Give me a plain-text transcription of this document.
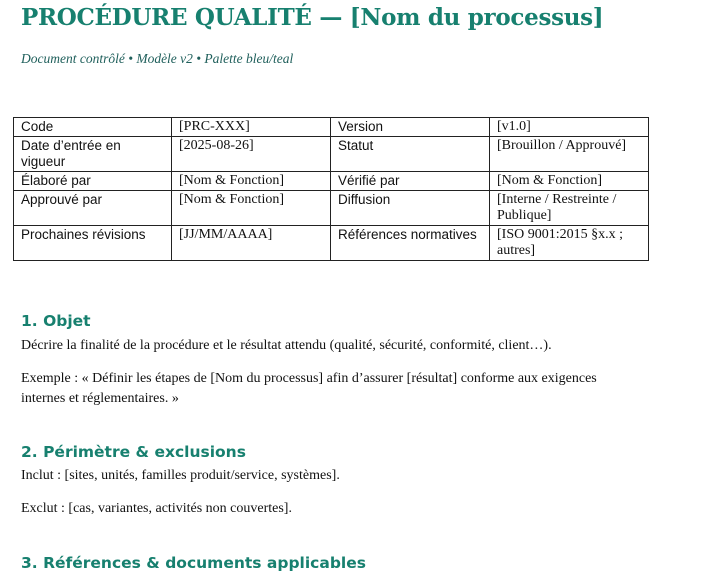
PROCÉDURE QUALITÉ — [Nom du processus]
Document contrôlé • Modèle v2 • Palette bleu/teal
Code	[PRC-XXX]	Version	[v1.0]
Date d’entrée en vigueur	[2025-08-26]	Statut	[Brouillon / Approuvé]
Élaboré par	[Nom & Fonction]	Vérifié par	[Nom & Fonction]
Approuvé par	[Nom & Fonction]	Diffusion	[Interne / Restreinte / Publique]
Prochaines révisions	[JJ/MM/AAAA]	Références normatives	[ISO 9001:2015 §x.x ; autres]
1. Objet
Décrire la finalité de la procédure et le résultat attendu (qualité, sécurité, conformité, client…).
Exemple : « Définir les étapes de [Nom du processus] afin d’assurer [résultat] conforme aux exigences internes et réglementaires. »
2. Périmètre & exclusions
Inclut : [sites, unités, familles produit/service, systèmes].
Exclut : [cas, variantes, activités non couvertes].
3. Références & documents applicables
